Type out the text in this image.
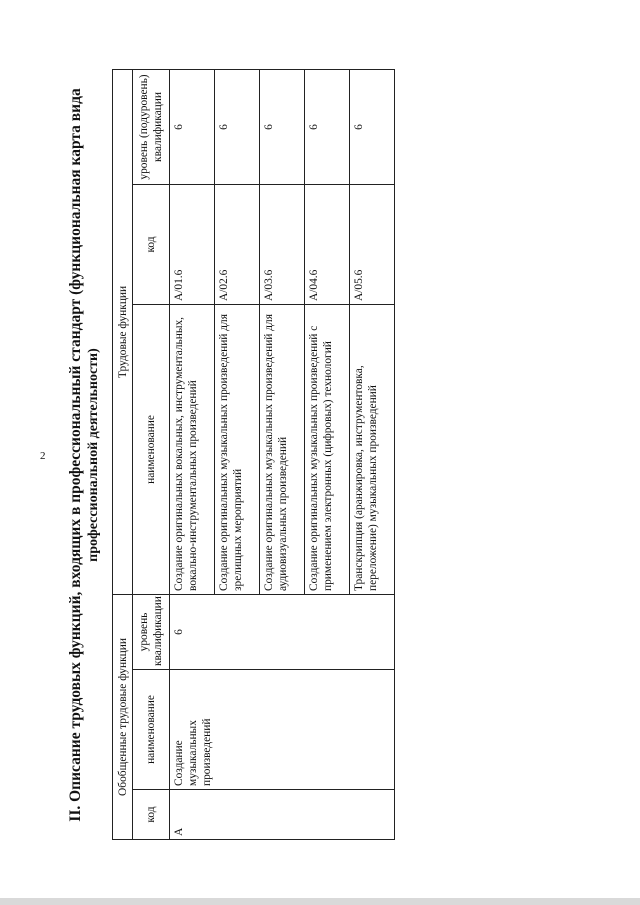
2 II. Описание трудовых функций, входящих в профессиональный стандарт (функциональная карта вида профессиональной деятельности)
Обобщенные трудовые функции			Трудовые функции		
код	наименование	уровень квалификации	наименование	код	уровень (подуровень) квалификации
A	Создание музыкальных произведений	6	Создание оригинальных вокальных, инструментальных, вокально-инструментальных произведений	A/01.6	6
			Создание оригинальных музыкальных произведений для зрелищных мероприятий	A/02.6	6
			Создание оригинальных музыкальных произведений для аудиовизуальных произведений	A/03.6	6
			Создание оригинальных музыкальных произведений с применением электронных (цифровых) технологий	A/04.6	6
			Транскрипция (аранжировка, инструментовка, переложение) музыкальных произведений	A/05.6	6
